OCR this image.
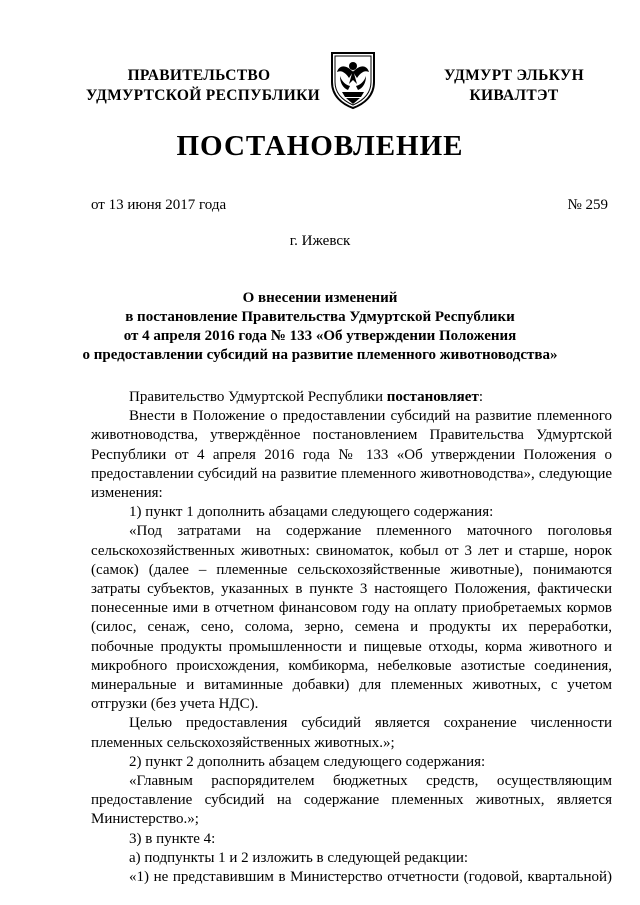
ПРАВИТЕЛЬСТВО
УДМУРТСКОЙ РЕСПУБЛИКИ
УДМУРТ ЭЛЬКУН
КИВАЛТЭТ
ПОСТАНОВЛЕНИЕ
от 13 июня 2017 года	№ 259
г. Ижевск
О внесении изменений
в постановление Правительства Удмуртской Республики
от 4 апреля 2016 года № 133 «Об утверждении Положения
о предоставлении субсидий на развитие племенного животноводства»

Правительство Удмуртской Республики постановляет:

Внести в Положение о предоставлении субсидий на развитие племенного животноводства, утверждённое постановлением Правительства Удмуртской Республики от 4 апреля 2016 года № 133 «Об утверждении Положения о предоставлении субсидий на развитие племенного животноводства», следующие изменения:

1) пункт 1 дополнить абзацами следующего содержания:

«Под затратами на содержание племенного маточного поголовья сельскохозяйственных животных: свиноматок, кобыл от 3 лет и старше, норок (самок) (далее – племенные сельскохозяйственные животные), понимаются затраты субъектов, указанных в пункте 3 настоящего Положения, фактически понесенные ими в отчетном финансовом году на оплату приобретаемых кормов (силос, сенаж, сено, солома, зерно, семена и продукты их переработки, побочные продукты промышленности и пищевые отходы, корма животного и микробного происхождения, комбикорма, небелковые азотистые соединения, минеральные и витаминные добавки) для племенных животных, с учетом отгрузки (без учета НДС).

Целью предоставления субсидий является сохранение численности племенных сельскохозяйственных животных.»;

2) пункт 2 дополнить абзацем следующего содержания:

«Главным распорядителем бюджетных средств, осуществляющим предоставление субсидий на содержание племенных животных, является Министерство.»;

3) в пункте 4:

а) подпункты 1 и 2 изложить в следующей редакции:

«1) не представившим в Министерство отчетности (годовой, квартальной)
